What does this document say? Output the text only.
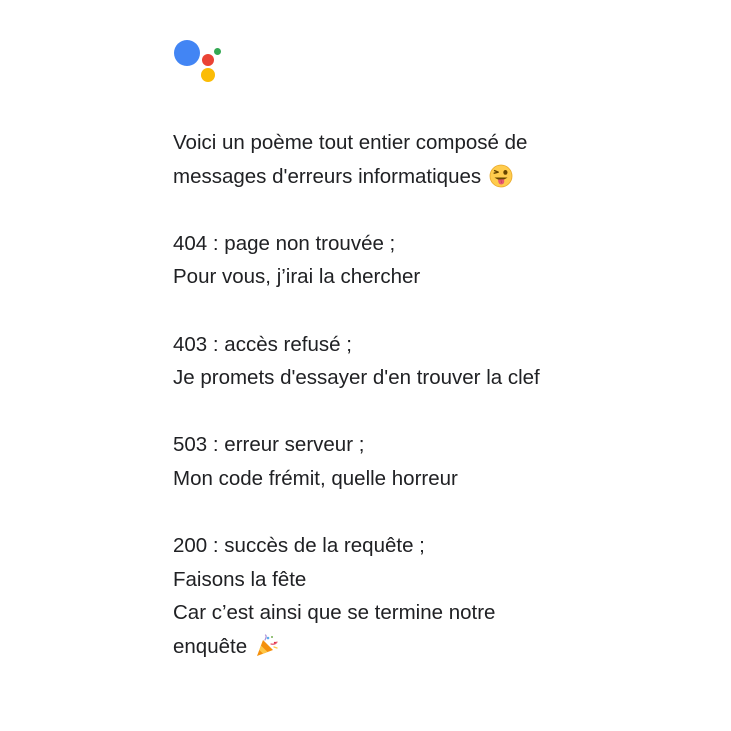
Voici un poème tout entier composé de
messages d'erreurs informatiques

404 : page non trouvée ;
Pour vous, j’irai la chercher

403 : accès refusé ;
Je promets d'essayer d'en trouver la clef

503 : erreur serveur ;
Mon code frémit, quelle horreur

200 : succès de la requête ;
Faisons la fête
Car c’est ainsi que se termine notre
enquête
